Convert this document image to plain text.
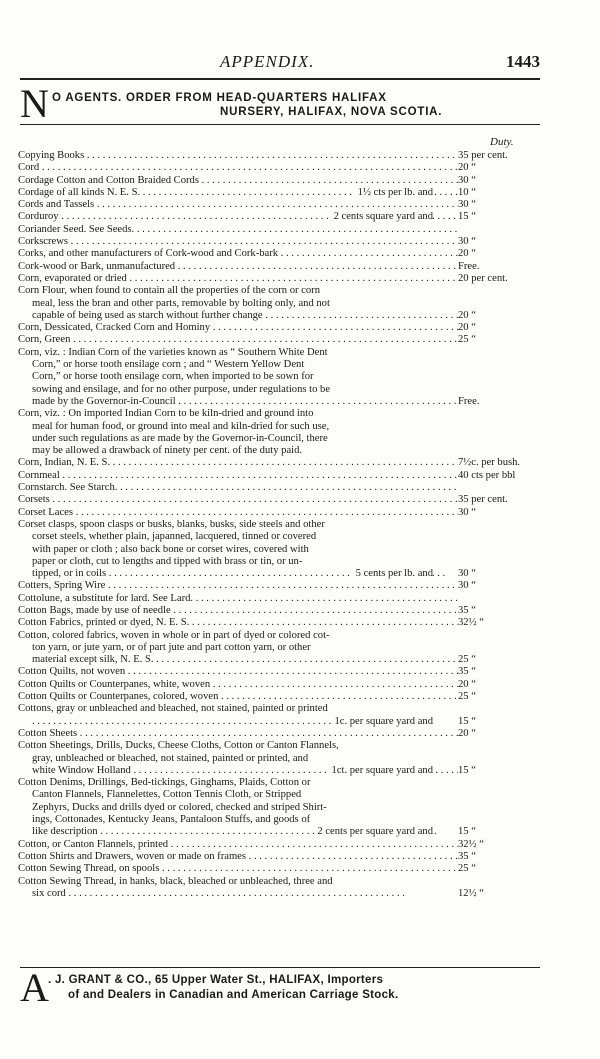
APPENDIX.	1443
N O AGENTS. ORDER FROM HEAD-QUARTERS HALIFAX
NURSERY, HALIFAX, NOVA SCOTIA.
Duty.
Copying Books . . .	35 per cent.
Cord . . .	20 “
Cordage Cotton and Cotton Braided Cords . . .	30 “
Cordage of all kinds N. E. S. . . .	1½ cts per lb. and 10 “
Cords and Tassels . . .	30 “
Corduroy . . .	2 cents square yard and 15 “
Coriander Seed. See Seeds. . . .
Corkscrews . . .	30 “
Corks, and other manufacturers of Cork-wood and Cork-bark . . .	20 “
Cork-wood or Bark, unmanufactured . . .	Free.
Corn, evaporated or dried . . .	20 per cent.
Corn Flour, when found to contain all the properties of the corn or corn
meal, less the bran and other parts, removable by bolting only, and not
capable of being used as starch without further change . . .	20 “
Corn, Dessicated, Cracked Corn and Hominy . . .	20 “
Corn, Green . . .	25 “
Corn, viz. : Indian Corn of the varieties known as “ Southern White Dent
Corn,” or horse tooth ensilage corn ; and “ Western Yellow Dent
Corn,” or horse tooth ensilage corn, when imported to be sown for
sowing and ensilage, and for no other purpose, under regulations to be
made by the Governor-in-Council . . .	Free.
Corn, viz. : On imported Indian Corn to be kiln-dried and ground into
meal for human food, or ground into meal and kiln-dried for such use,
under such regulations as are made by the Governor-in-Council, there
may be allowed a drawback of ninety per cent. of the duty paid.
Corn, Indian, N. E. S. . . .	7½c. per bush.
Cornmeal . . .	40 cts per bbl
Cornstarch. See Starch. . . .
Corsets . . .	35 per cent.
Corset Laces . . .	30 “
Corset clasps, spoon clasps or busks, blanks, busks, side steels and other
corset steels, whether plain, japanned, lacquered, tinned or covered
with paper or cloth ; also back bone or corset wires, covered with
paper or cloth, cut to lengths and tipped with brass or tin, or un-
tipped, or in coils . . .	5 cents per lb. and 30 “
Cotters, Spring Wire . . .	30 “
Cottolune, a substitute for lard. See Lard. . . .
Cotton Bags, made by use of needle . . .	35 “
Cotton Fabrics, printed or dyed, N. E. S. . . .	32½ “
Cotton, colored fabrics, woven in whole or in part of dyed or colored cot-
ton yarn, or jute yarn, or of part jute and part cotton yarn, or other
material except silk, N. E. S. . . .	25 “
Cotton Quilts, not woven . . .	35 “
Cotton Quilts or Counterpanes, white, woven . . .	20 “
Cotton Quilts or Counterpanes, colored, woven . . .	25 “
Cottons, gray or unbleached and bleached, not stained, painted or printed
. . .
1c. per square yard and 15 “
Cotton Sheets . . .	20 “
Cotton Sheetings, Drills, Ducks, Cheese Cloths, Cotton or Canton Flannels,
gray, unbleached or bleached, not stained, painted or printed, and
white Window Holland . . .	1ct. per square yard and 15 “
Cotton Denims, Drillings, Bed-tickings, Ginghams, Plaids, Cotton or
Canton Flannels, Flannelettes, Cotton Tennis Cloth, or Stripped
Zephyrs, Ducks and drills dyed or colored, checked and striped Shirt-
ings, Cottonades, Kentucky Jeans, Pantaloon Stuffs, and goods of
like description . . .	2 cents per square yard and 15 “
Cotton, or Canton Flannels, printed . . .	32½ “
Cotton Shirts and Drawers, woven or made on frames . . .	35 “
Cotton Sewing Thread, on spools . . .	25 “
Cotton Sewing Thread, in hanks, black, bleached or unbleached, three and
six cord . . .	12½ “
A . J. GRANT & CO., 65 Upper Water St., HALIFAX, Importers
of and Dealers in Canadian and American Carriage Stock.
